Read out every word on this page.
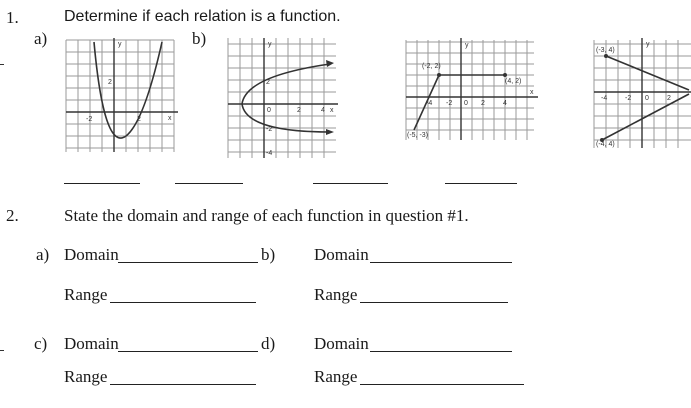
1.	Determine if each relation is a function.
a)	b)
y
x
2
-2	2
y
x
0	2	4
2
-2
-4
y
x
(-2, 2)
(4, 2)
(-5, -3)
-4 -2 0 2	4
y
(-3, 4)
(-4, 4)
-4	-2 0	2
2.	State the domain and range of each function in question #1.
a) Domain
Range
b) Domain
Range
c) Domain
Range
d) Domain
Range
